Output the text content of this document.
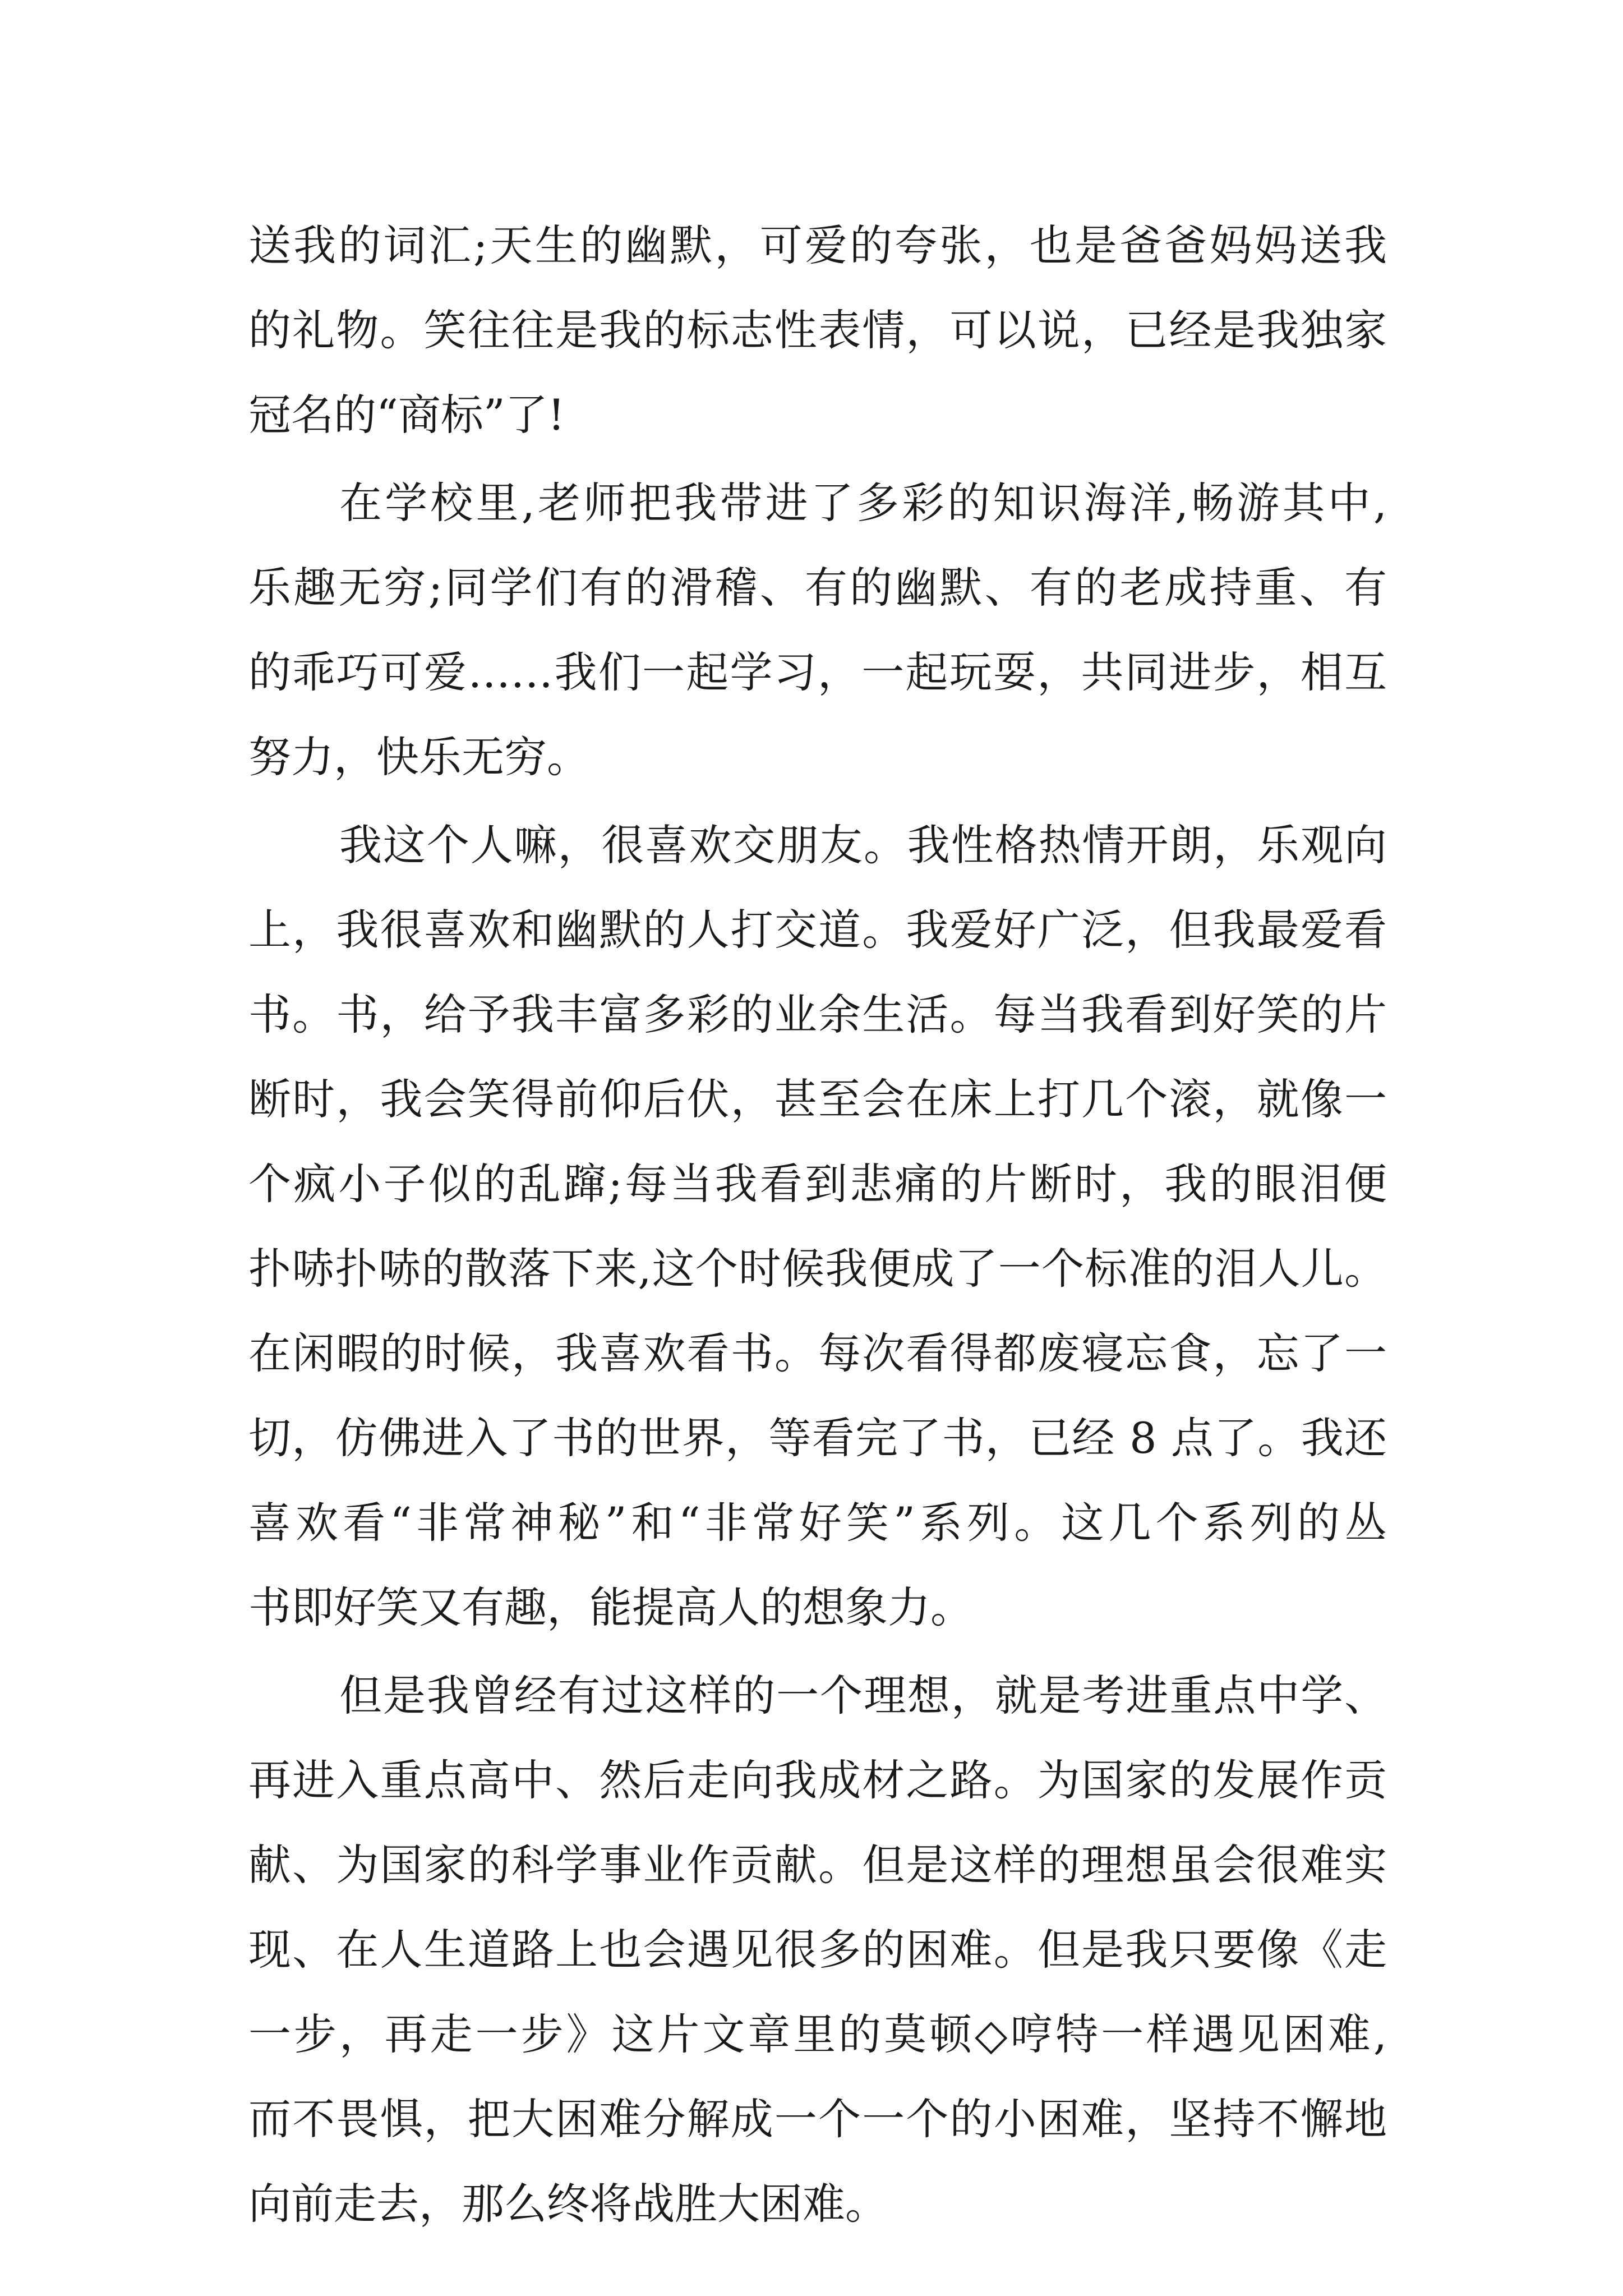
送我的词汇;天生的幽默，可爱的夸张，也是爸爸妈妈送我
的礼物。笑往往是我的标志性表情，可以说，已经是我独家
冠名的“商标”了!
在学校里,老师把我带进了多彩的知识海洋,畅游其中,
乐趣无穷;同学们有的滑稽、有的幽默、有的老成持重、有
的乖巧可爱……我们一起学习，一起玩耍，共同进步，相互
努力，快乐无穷。
我这个人嘛，很喜欢交朋友。我性格热情开朗，乐观向
上，我很喜欢和幽默的人打交道。我爱好广泛，但我最爱看
书。书，给予我丰富多彩的业余生活。每当我看到好笑的片
断时，我会笑得前仰后伏，甚至会在床上打几个滚，就像一
个疯小子似的乱蹿;每当我看到悲痛的片断时，我的眼泪便
扑哧扑哧的散落下来,这个时候我便成了一个标准的泪人儿。
在闲暇的时候，我喜欢看书。每次看得都废寝忘食，忘了一
切，仿佛进入了书的世界，等看完了书，已经 8 点了。我还
喜欢看“非常神秘”和“非常好笑”系列。这几个系列的丛
书即好笑又有趣，能提高人的想象力。
但是我曾经有过这样的一个理想，就是考进重点中学、
再进入重点高中、然后走向我成材之路。为国家的发展作贡
献、为国家的科学事业作贡献。但是这样的理想虽会很难实
现、在人生道路上也会遇见很多的困难。但是我只要像《走
一步，再走一步》这片文章里的莫顿◇哼特一样遇见困难,
而不畏惧，把大困难分解成一个一个的小困难，坚持不懈地
向前走去，那么终将战胜大困难。
